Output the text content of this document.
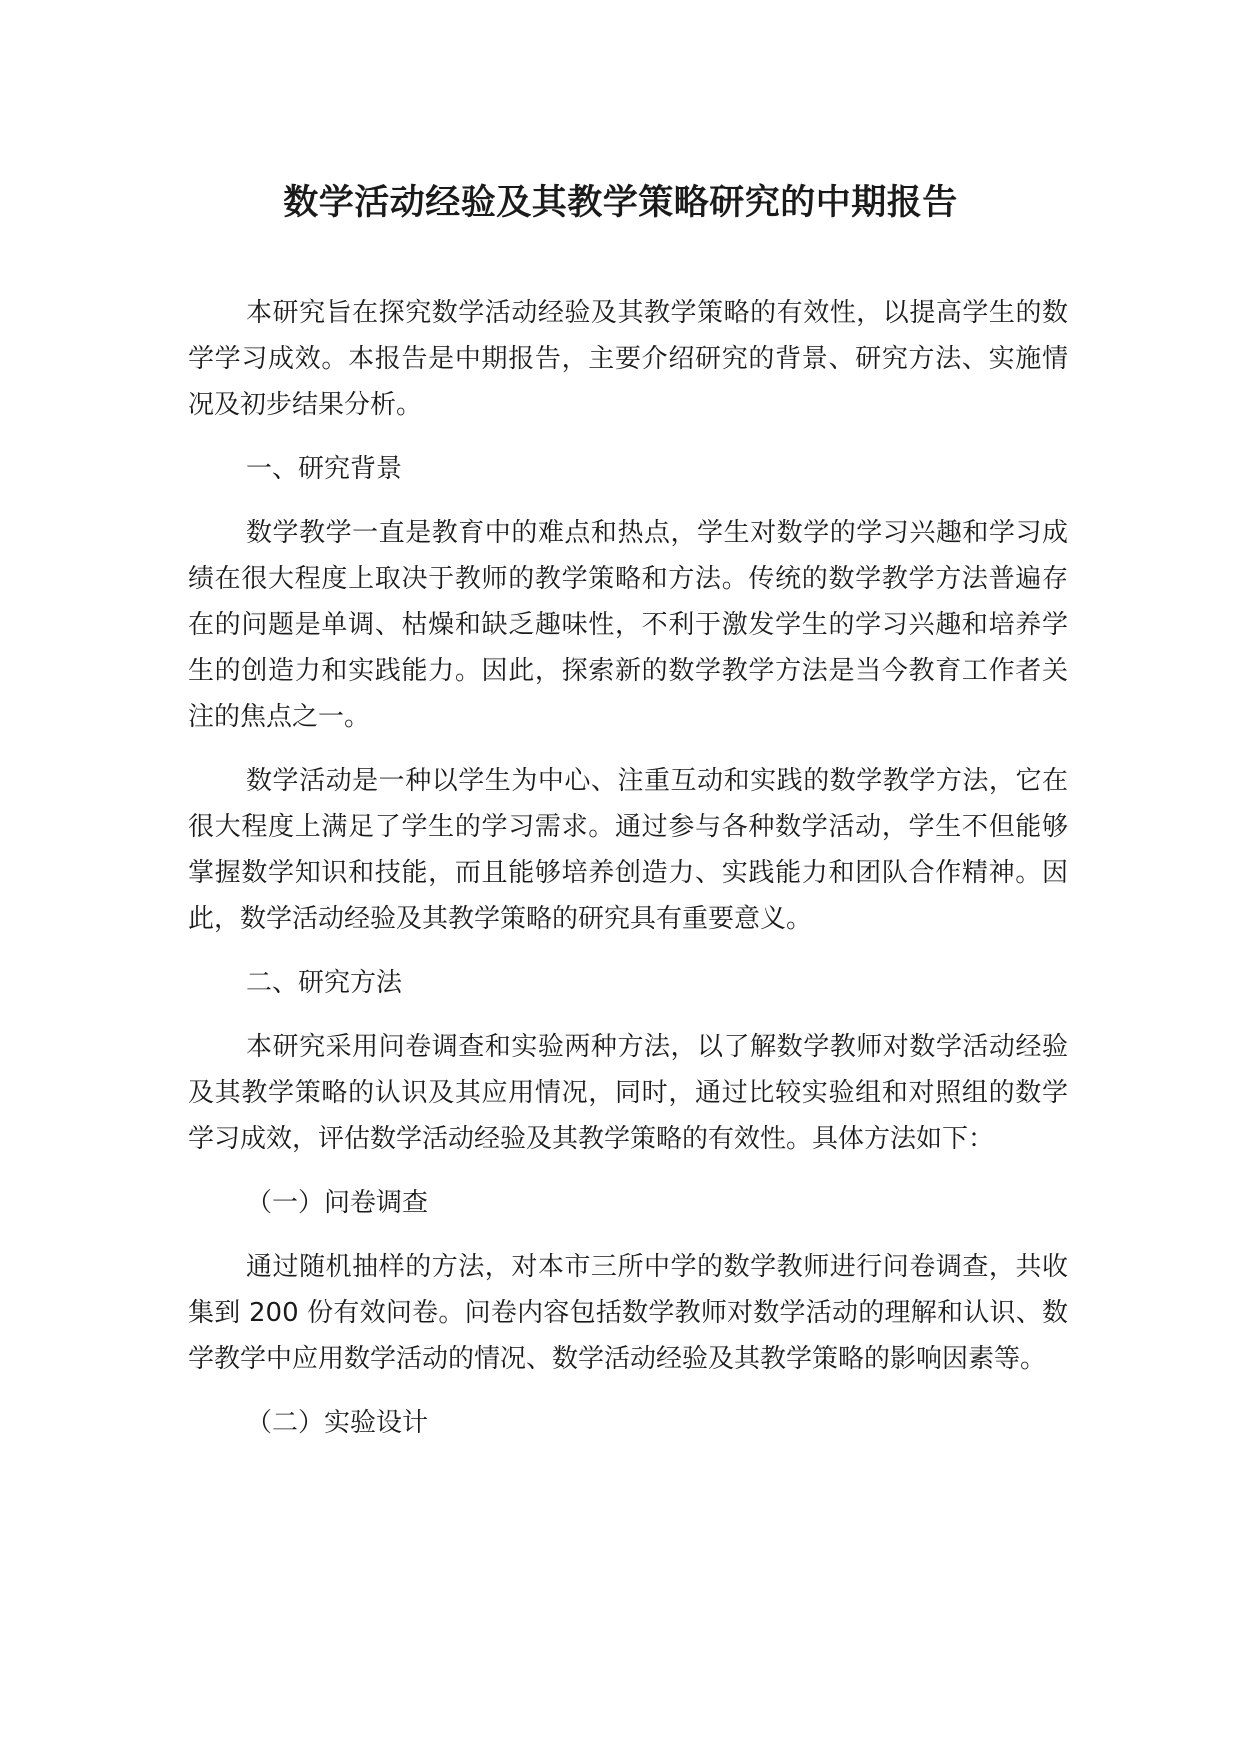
数学活动经验及其教学策略研究的中期报告

本研究旨在探究数学活动经验及其教学策略的有效性，以提高学生的数学学习成效。本报告是中期报告，主要介绍研究的背景、研究方法、实施情况及初步结果分析。

一、研究背景

数学教学一直是教育中的难点和热点，学生对数学的学习兴趣和学习成绩在很大程度上取决于教师的教学策略和方法。传统的数学教学方法普遍存在的问题是单调、枯燥和缺乏趣味性，不利于激发学生的学习兴趣和培养学生的创造力和实践能力。因此，探索新的数学教学方法是当今教育工作者关注的焦点之一。

数学活动是一种以学生为中心、注重互动和实践的数学教学方法，它在很大程度上满足了学生的学习需求。通过参与各种数学活动，学生不但能够掌握数学知识和技能，而且能够培养创造力、实践能力和团队合作精神。因此，数学活动经验及其教学策略的研究具有重要意义。

二、研究方法

本研究采用问卷调查和实验两种方法，以了解数学教师对数学活动经验及其教学策略的认识及其应用情况，同时，通过比较实验组和对照组的数学学习成效，评估数学活动经验及其教学策略的有效性。具体方法如下：

（一）问卷调查

通过随机抽样的方法，对本市三所中学的数学教师进行问卷调查，共收集到 200 份有效问卷。问卷内容包括数学教师对数学活动的理解和认识、数学教学中应用数学活动的情况、数学活动经验及其教学策略的影响因素等。

（二）实验设计
